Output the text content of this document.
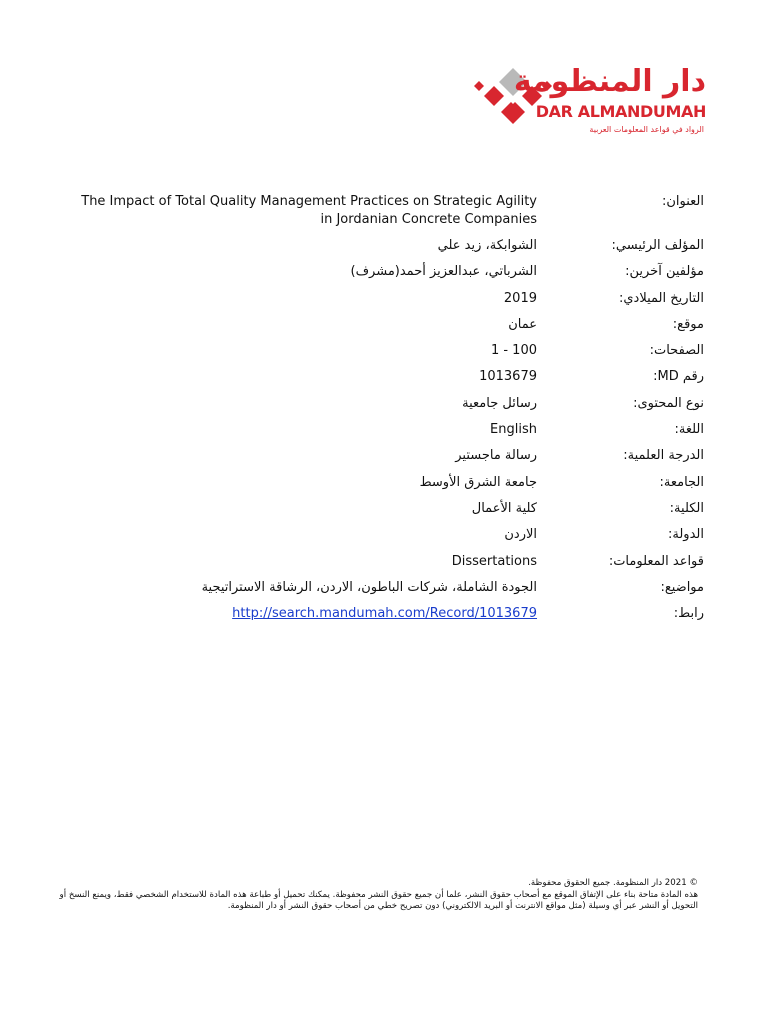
دار المنظومة
DAR ALMANDUMAH
الرواد في قواعد المعلومات العربية
العنوان:
The Impact of Total Quality Management Practices on Strategic Agility in Jordanian Concrete Companies
المؤلف الرئيسي:
الشوابكة، زيد علي
مؤلفين آخرين:
الشرباتي، عبدالعزيز أحمد(مشرف)
التاريخ الميلادي:
2019
موقع:
عمان
الصفحات:
1 - 100
رقم MD:
1013679
نوع المحتوى:
رسائل جامعية
اللغة:
English
الدرجة العلمية:
رسالة ماجستير
الجامعة:
جامعة الشرق الأوسط
الكلية:
كلية الأعمال
الدولة:
الاردن
قواعد المعلومات:
Dissertations
مواضيع:
الجودة الشاملة، شركات الباطون، الاردن، الرشاقة الاستراتيجية
رابط:
http://search.mandumah.com/Record/1013679

© 2021 دار المنظومة. جميع الحقوق محفوظة.

هذه المادة متاحة بناء على الإتفاق الموقع مع أصحاب حقوق النشر، علما أن جميع حقوق النشر محفوظة. يمكنك تحميل أو طباعة هذه المادة للاستخدام الشخصي فقط، ويمنع النسخ أو التحويل أو النشر عبر أي وسيلة (مثل مواقع الانترنت أو البريد الالكتروني) دون تصريح خطي من أصحاب حقوق النشر أو دار المنظومة.
